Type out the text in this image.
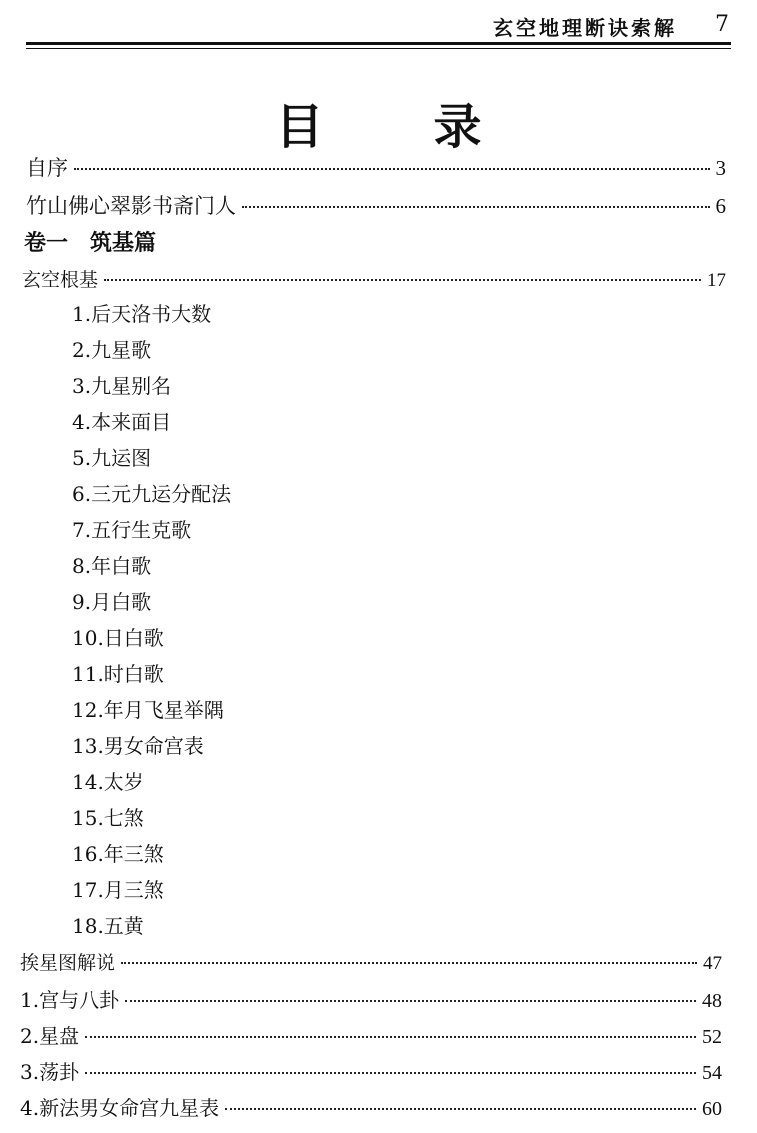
玄空地理断诀索解 7
目录
自序	3
竹山佛心翠影书斋门人	6
卷一　筑基篇
玄空根基	17
1.后天洛书大数
2.九星歌
3.九星别名
4.本来面目
5.九运图
6.三元九运分配法
7.五行生克歌
8.年白歌
9.月白歌
10.日白歌
11.时白歌
12.年月飞星举隅
13.男女命宫表
14.太岁
15.七煞
16.年三煞
17.月三煞
18.五黄
挨星图解说	47
1.宫与八卦	48
2.星盘	52
3.荡卦	54
4.新法男女命宫九星表	60
